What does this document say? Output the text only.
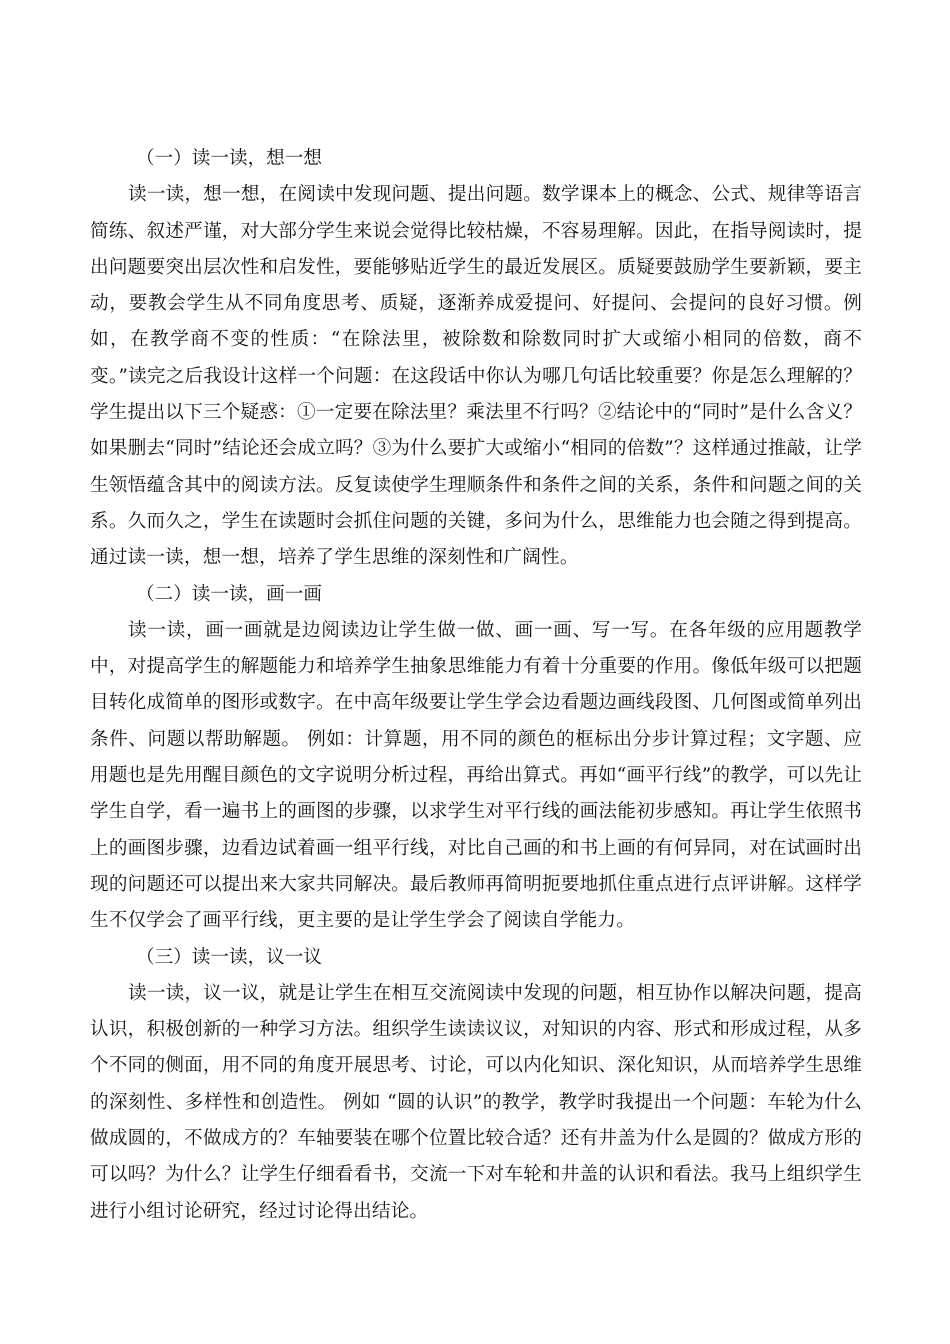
（一）读一读，想一想

读一读，想一想，在阅读中发现问题、提出问题。数学课本上的概念、公式、规律等语言简练、叙述严谨，对大部分学生来说会觉得比较枯燥，不容易理解。因此，在指导阅读时，提出问题要突出层次性和启发性，要能够贴近学生的最近发展区。质疑要鼓励学生要新颖，要主动，要教会学生从不同角度思考、质疑，逐渐养成爱提问、好提问、会提问的良好习惯。例如，在教学商不变的性质：“在除法里，被除数和除数同时扩大或缩小相同的倍数，商不变。”读完之后我设计这样一个问题：在这段话中你认为哪几句话比较重要？你是怎么理解的？学生提出以下三个疑惑：①一定要在除法里？乘法里不行吗？②结论中的“同时”是什么含义？如果删去“同时”结论还会成立吗？③为什么要扩大或缩小“相同的倍数”？这样通过推敲，让学生领悟蕴含其中的阅读方法。反复读使学生理顺条件和条件之间的关系，条件和问题之间的关系。久而久之，学生在读题时会抓住问题的关键，多问为什么，思维能力也会随之得到提高。通过读一读，想一想，培养了学生思维的深刻性和广阔性。

（二）读一读，画一画

读一读，画一画就是边阅读边让学生做一做、画一画、写一写。在各年级的应用题教学中，对提高学生的解题能力和培养学生抽象思维能力有着十分重要的作用。像低年级可以把题目转化成简单的图形或数字。在中高年级要让学生学会边看题边画线段图、几何图或简单列出条件、问题以帮助解题。 例如：计算题，用不同的颜色的框标出分步计算过程；文字题、应用题也是先用醒目颜色的文字说明分析过程，再给出算式。再如“画平行线”的教学，可以先让学生自学，看一遍书上的画图的步骤，以求学生对平行线的画法能初步感知。再让学生依照书上的画图步骤，边看边试着画一组平行线，对比自己画的和书上画的有何异同，对在试画时出现的问题还可以提出来大家共同解决。最后教师再简明扼要地抓住重点进行点评讲解。这样学生不仅学会了画平行线，更主要的是让学生学会了阅读自学能力。

（三）读一读，议一议

读一读，议一议，就是让学生在相互交流阅读中发现的问题，相互协作以解决问题，提高认识，积极创新的一种学习方法。组织学生读读议议，对知识的内容、形式和形成过程，从多个不同的侧面，用不同的角度开展思考、讨论，可以内化知识、深化知识，从而培养学生思维的深刻性、多样性和创造性。 例如 “圆的认识”的教学，教学时我提出一个问题：车轮为什么做成圆的，不做成方的？车轴要装在哪个位置比较合适？还有井盖为什么是圆的？做成方形的可以吗？为什么？让学生仔细看看书，交流一下对车轮和井盖的认识和看法。我马上组织学生进行小组讨论研究，经过讨论得出结论。
